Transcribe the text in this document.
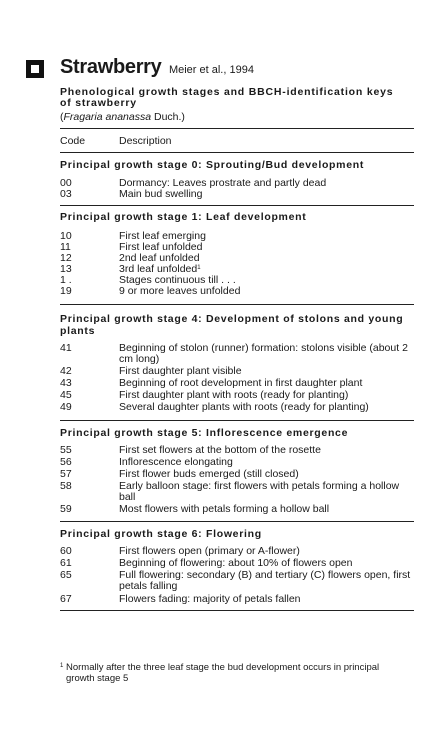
Strawberry Meier et al., 1994
Phenological growth stages and BBCH-identification keys of strawberry
(Fragaria ananassa Duch.)
Code	Description
Principal growth stage 0: Sprouting/Bud development
00	Dormancy: Leaves prostrate and partly dead
03	Main bud swelling
Principal growth stage 1: Leaf development
10	First leaf emerging
11	First leaf unfolded
12	2nd leaf unfolded
13	3rd leaf unfolded$^1$
1 .	Stages continuous till . . .
19	9 or more leaves unfolded
Principal growth stage 4: Development of stolons and young plants
41	Beginning of stolon (runner) formation: stolons visible (about 2 cm long)
42	First daughter plant visible
43	Beginning of root development in first daughter plant
45	First daughter plant with roots (ready for planting)
49	Several daughter plants with roots (ready for planting)
Principal growth stage 5: Inflorescence emergence
55	First set flowers at the bottom of the rosette
56	Inflorescence elongating
57	First flower buds emerged (still closed)
58	Early balloon stage: first flowers with petals forming a hollow ball
59	Most flowers with petals forming a hollow ball
Principal growth stage 6: Flowering
60	First flowers open (primary or A-flower)
61	Beginning of flowering: about 10% of flowers open
65	Full flowering: secondary (B) and tertiary (C) flowers open, first petals falling
67	Flowers fading: majority of petals fallen
$^1$ Normally after the three leaf stage the bud development occurs in principal
growth stage 5
